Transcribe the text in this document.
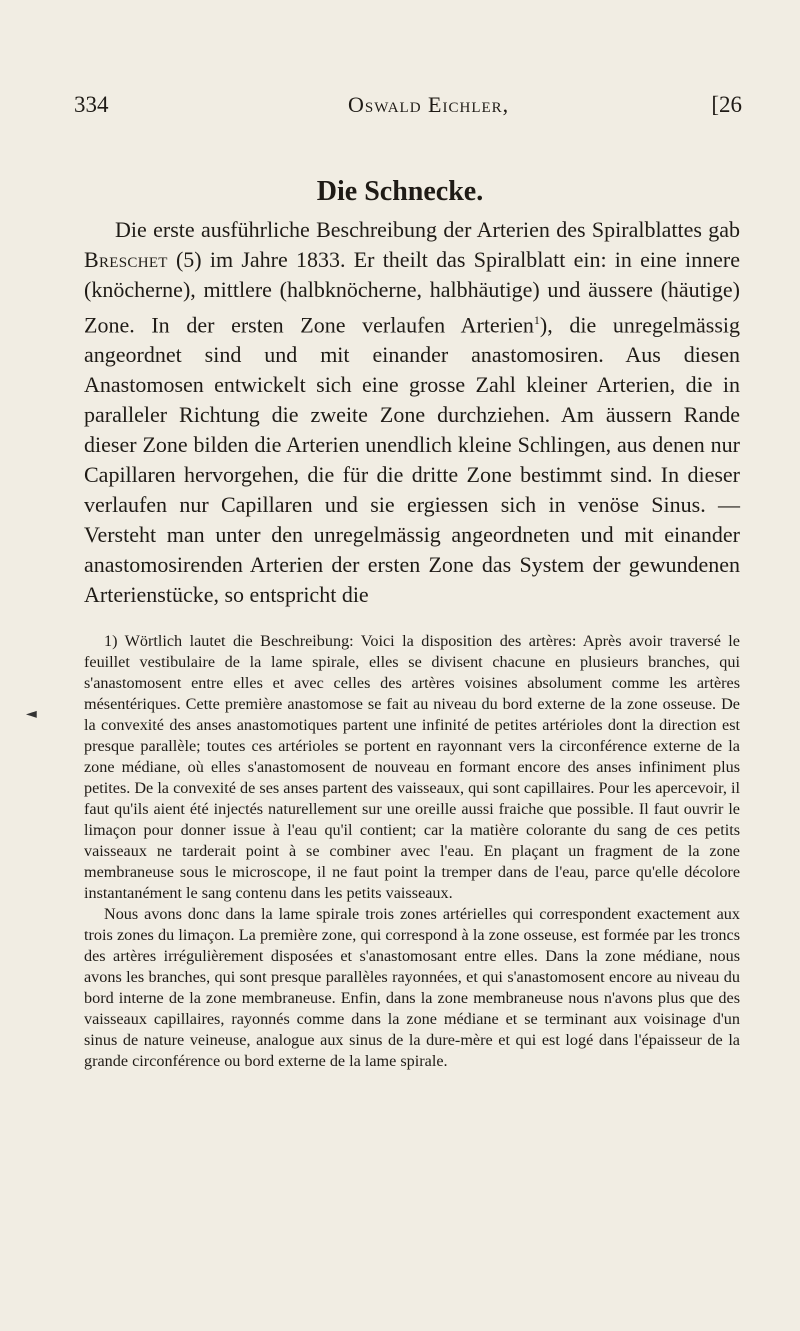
334	Oswald Eichler,	[26
Die Schnecke.

Die erste ausführliche Beschreibung der Arterien des Spiralblattes gab Breschet (5) im Jahre 1833. Er theilt das Spiralblatt ein: in eine innere (knöcherne), mittlere (halbknöcherne, halbhäutige) und äussere (häutige) Zone. In der ersten Zone verlaufen Arterien$^1$), die unregelmässig angeordnet sind und mit einander anastomosiren. Aus diesen Anastomosen entwickelt sich eine grosse Zahl kleiner Arterien, die in paralleler Richtung die zweite Zone durchziehen. Am äussern Rande dieser Zone bilden die Arterien unendlich kleine Schlingen, aus denen nur Capillaren hervorgehen, die für die dritte Zone bestimmt sind. In dieser verlaufen nur Capillaren und sie ergiessen sich in venöse Sinus. — Versteht man unter den unregelmässig angeordneten und mit einander anastomosirenden Arterien der ersten Zone das System der gewundenen Arterienstücke, so entspricht die

◄

1) Wörtlich lautet die Beschreibung: Voici la disposition des artères: Après avoir traversé le feuillet vestibulaire de la lame spirale, elles se divisent chacune en plusieurs branches, qui s'anastomosent entre elles et avec celles des artères voisines absolument comme les artères mésentériques. Cette première anastomose se fait au niveau du bord externe de la zone osseuse. De la convexité des anses anastomotiques partent une infinité de petites artérioles dont la direction est presque parallèle; toutes ces artérioles se portent en rayonnant vers la circonférence externe de la zone médiane, où elles s'anastomosent de nouveau en formant encore des anses infiniment plus petites. De la convexité de ses anses partent des vaisseaux, qui sont capillaires. Pour les apercevoir, il faut qu'ils aient été injectés naturellement sur une oreille aussi fraiche que possible. Il faut ouvrir le limaçon pour donner issue à l'eau qu'il contient; car la matière colorante du sang de ces petits vaisseaux ne tarderait point à se combiner avec l'eau. En plaçant un fragment de la zone membraneuse sous le microscope, il ne faut point la tremper dans de l'eau, parce qu'elle décolore instantanément le sang contenu dans les petits vaisseaux.

Nous avons donc dans la lame spirale trois zones artérielles qui correspondent exactement aux trois zones du limaçon. La première zone, qui correspond à la zone osseuse, est formée par les troncs des artères irrégulièrement disposées et s'anastomosant entre elles. Dans la zone médiane, nous avons les branches, qui sont presque parallèles rayonnées, et qui s'anastomosent encore au niveau du bord interne de la zone membraneuse. Enfin, dans la zone membraneuse nous n'avons plus que des vaisseaux capillaires, rayonnés comme dans la zone médiane et se terminant aux voisinage d'un sinus de nature veineuse, analogue aux sinus de la dure-mère et qui est logé dans l'épaisseur de la grande circonférence ou bord externe de la lame spirale.
